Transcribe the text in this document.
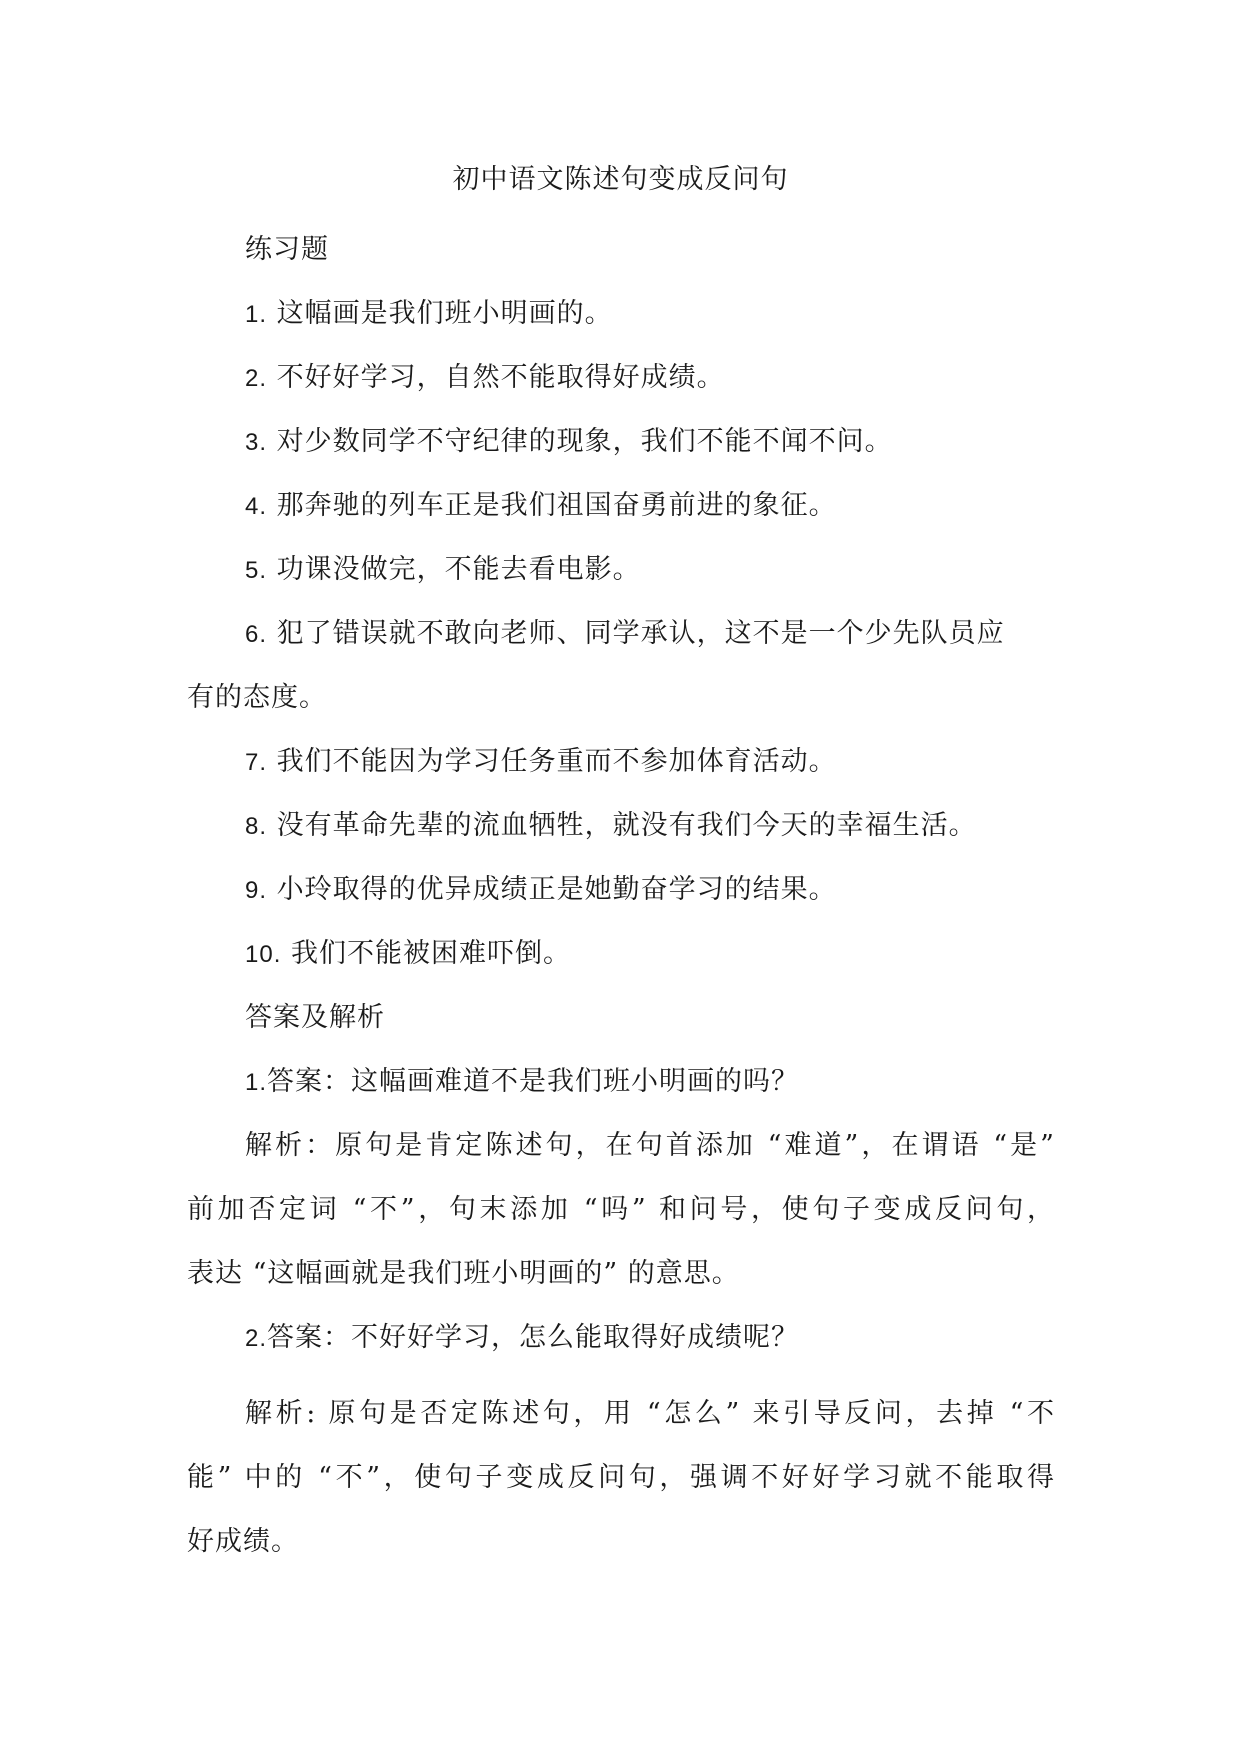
初中语文陈述句变成反问句
练习题
1. 这幅画是我们班小明画的。
2. 不好好学习，自然不能取得好成绩。
3. 对少数同学不守纪律的现象，我们不能不闻不问。
4. 那奔驰的列车正是我们祖国奋勇前进的象征。
5. 功课没做完，不能去看电影。
6. 犯了错误就不敢向老师、同学承认，这不是一个少先队员应
有的态度。
7. 我们不能因为学习任务重而不参加体育活动。
8. 没有革命先辈的流血牺牲，就没有我们今天的幸福生活。
9. 小玲取得的优异成绩正是她勤奋学习的结果。
10. 我们不能被困难吓倒。
答案及解析
1.答案：这幅画难道不是我们班小明画的吗？
解析：原句是肯定陈述句，在句首添加 “难道”，在谓语 “是”
前加否定词 “不”，句末添加 “吗” 和问号，使句子变成反问句，
表达 “这幅画就是我们班小明画的” 的意思。
2.答案：不好好学习，怎么能取得好成绩呢？
解析: 原句是否定陈述句，用 “怎么” 来引导反问，去掉 “不
能” 中的 “不”，使句子变成反问句，强调不好好学习就不能取得
好成绩。
